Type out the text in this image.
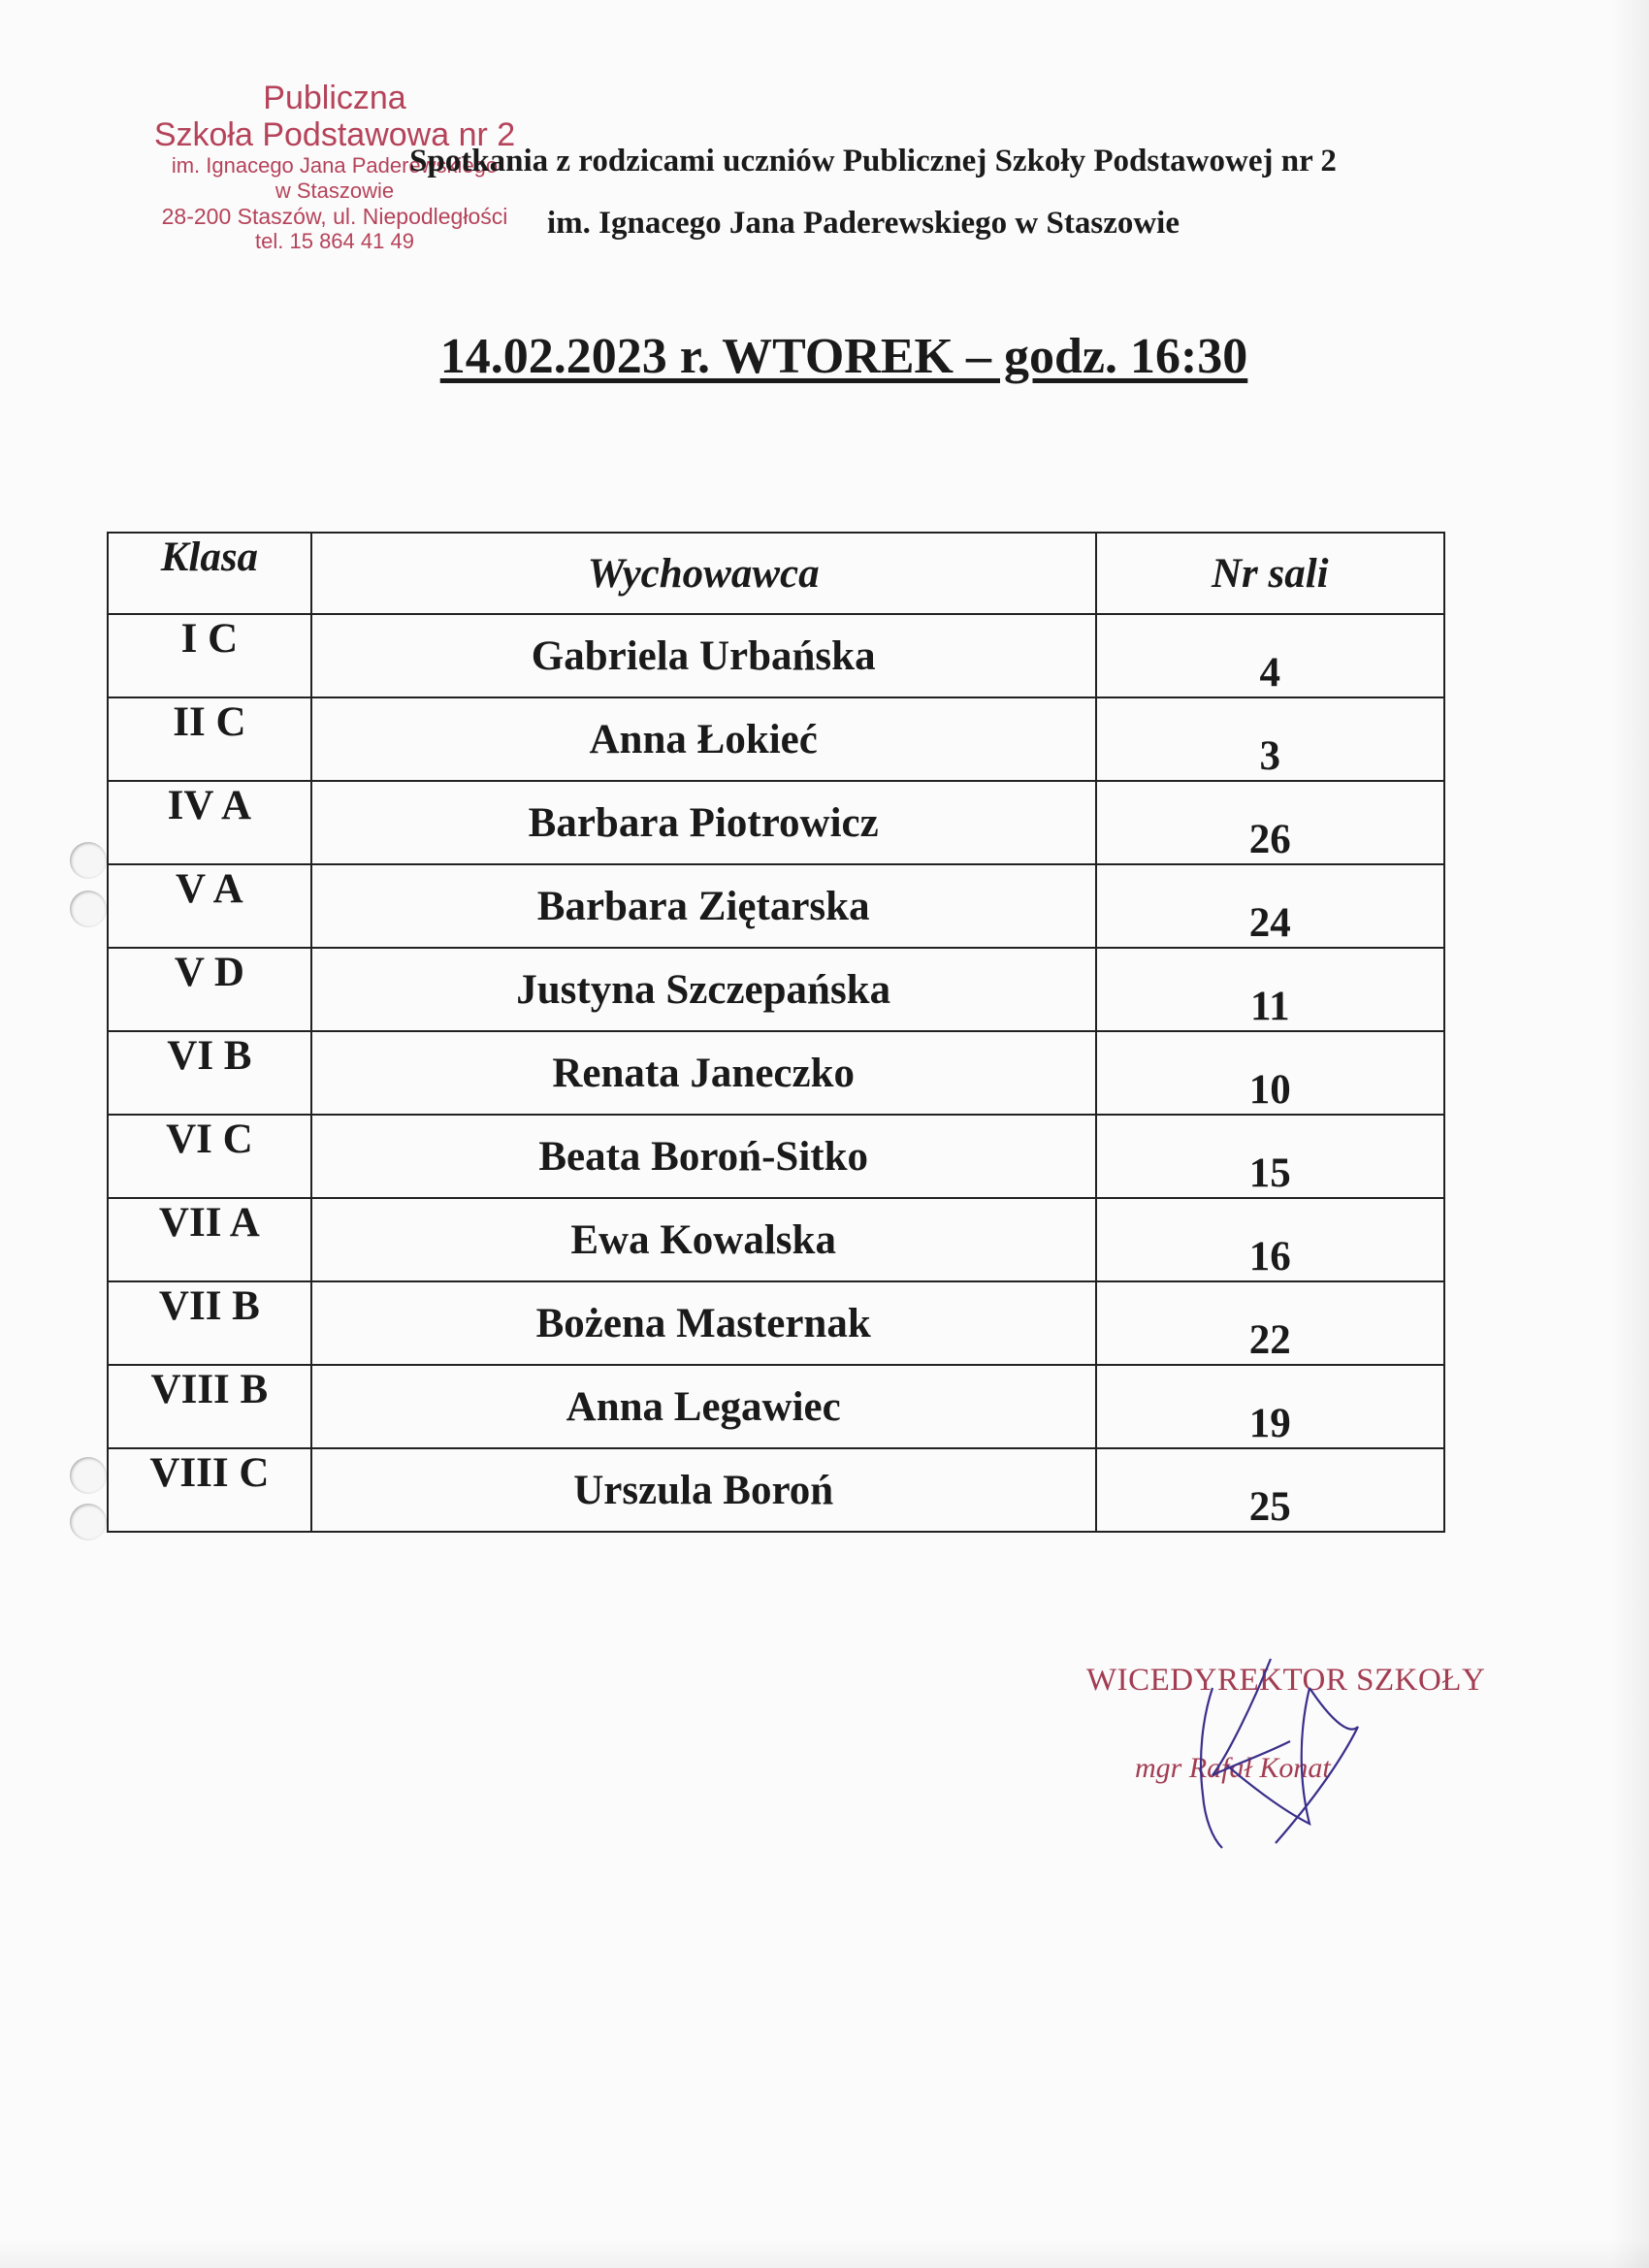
Publiczna
Szkoła Podstawowa nr 2
im. Ignacego Jana Paderewskiego
w Staszowie
28-200 Staszów, ul. Niepodległości
tel. 15 864 41 49
Spotkania z rodzicami uczniów Publicznej Szkoły Podstawowej nr 2
im. Ignacego Jana Paderewskiego w Staszowie
14.02.2023 r. WTOREK – godz. 16:30
Klasa	Wychowawca	Nr sali
I C	Gabriela Urbańska	4
II C	Anna Łokieć	3
IV A	Barbara Piotrowicz	26
V A	Barbara Ziętarska	24
V D	Justyna Szczepańska	11
VI B	Renata Janeczko	10
VI C	Beata Boroń-Sitko	15
VII A	Ewa Kowalska	16
VII B	Bożena Masternak	22
VIII B	Anna Legawiec	19
VIII C	Urszula Boroń	25
WICEDYREKTOR SZKOŁY
mgr Rafał Konat
